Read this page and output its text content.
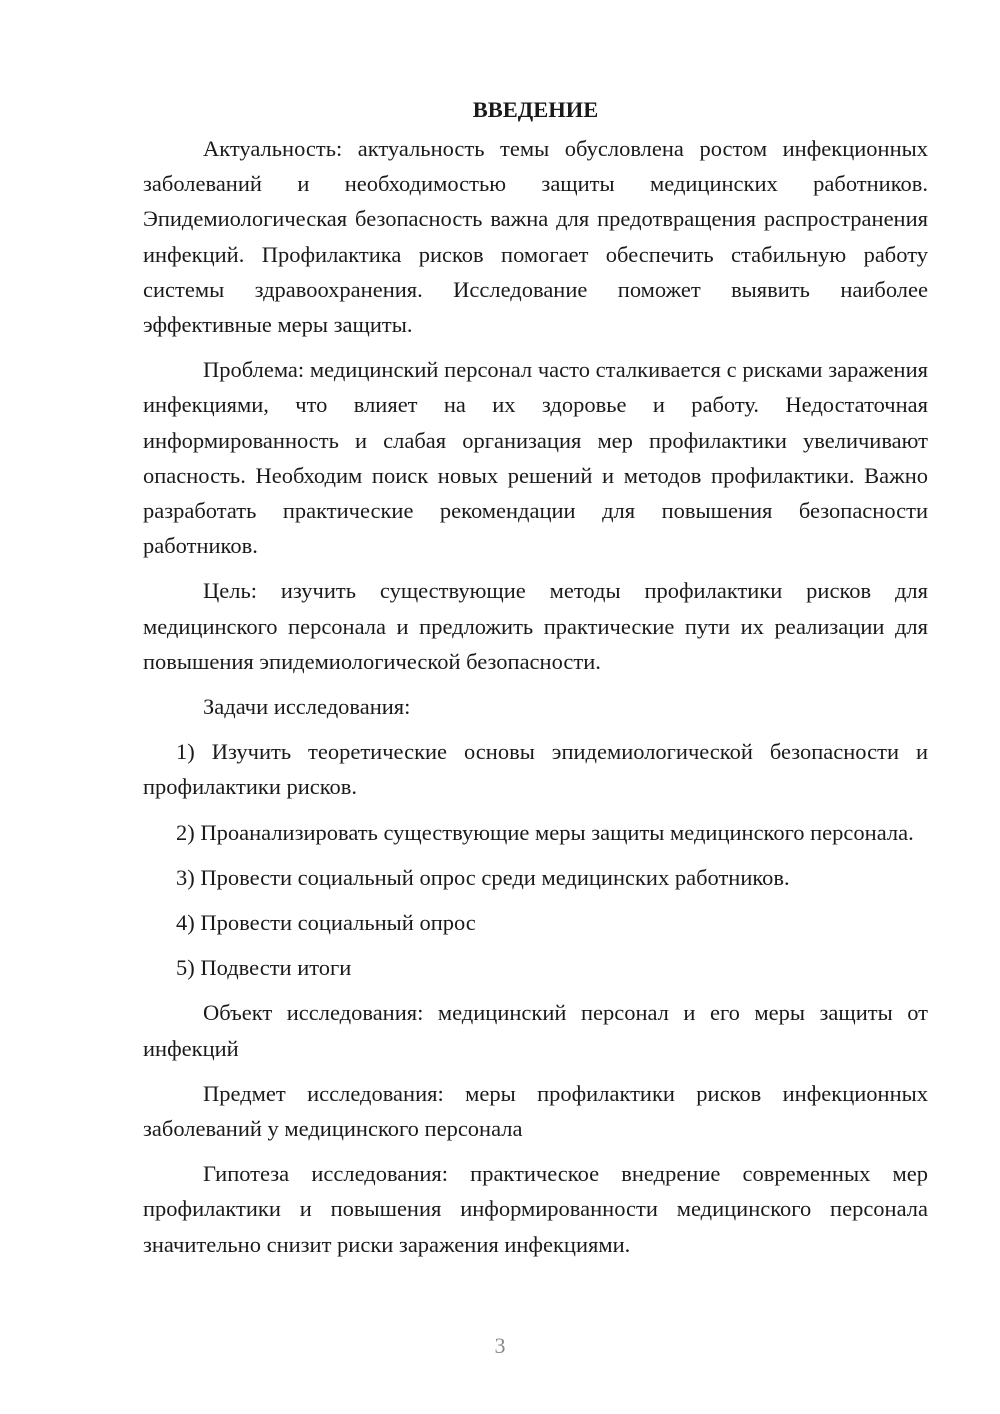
ВВЕДЕНИЕ

Актуальность: актуальность темы обусловлена ростом инфекционных заболеваний и необходимостью защиты медицинских работников. Эпидемиологическая безопасность важна для предотвращения распространения инфекций. Профилактика рисков помогает обеспечить стабильную работу системы здравоохранения. Исследование поможет выявить наиболее эффективные меры защиты.

Проблема: медицинский персонал часто сталкивается с рисками заражения инфекциями, что влияет на их здоровье и работу. Недостаточная информированность и слабая организация мер профилактики увеличивают опасность. Необходим поиск новых решений и методов профилактики. Важно разработать практические рекомендации для повышения безопасности работников.

Цель: изучить существующие методы профилактики рисков для медицинского персонала и предложить практические пути их реализации для повышения эпидемиологической безопасности.

Задачи исследования:

1) Изучить теоретические основы эпидемиологической безопасности и профилактики рисков.

2) Проанализировать существующие меры защиты медицинского персонала.

3) Провести социальный опрос среди медицинских работников.

4) Провести социальный опрос

5) Подвести итоги

Объект исследования: медицинский персонал и его меры защиты от инфекций

Предмет исследования: меры профилактики рисков инфекционных заболеваний у медицинского персонала

Гипотеза исследования: практическое внедрение современных мер профилактики и повышения информированности медицинского персонала значительно снизит риски заражения инфекциями.

3
